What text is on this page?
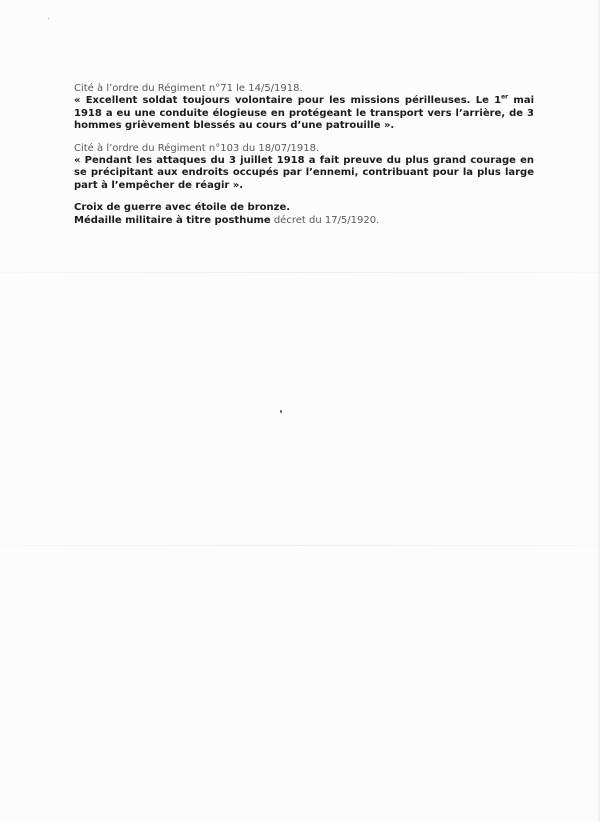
Cité à l’ordre du Régiment n°71 le 14/5/1918.
« Excellent soldat toujours volontaire pour les missions périlleuses. Le 1er mai 1918 a eu une conduite élogieuse en protégeant le transport vers l’arrière, de 3 hommes grièvement blessés au cours d’une patrouille ».
Cité à l’ordre du Régiment n°103 du 18/07/1918.
« Pendant les attaques du 3 juillet 1918 a fait preuve du plus grand courage en se précipitant aux endroits occupés par l’ennemi, contribuant pour la plus large part à l’empêcher de réagir ».
Croix de guerre avec étoile de bronze.
Médaille militaire à titre posthume décret du 17/5/1920.
